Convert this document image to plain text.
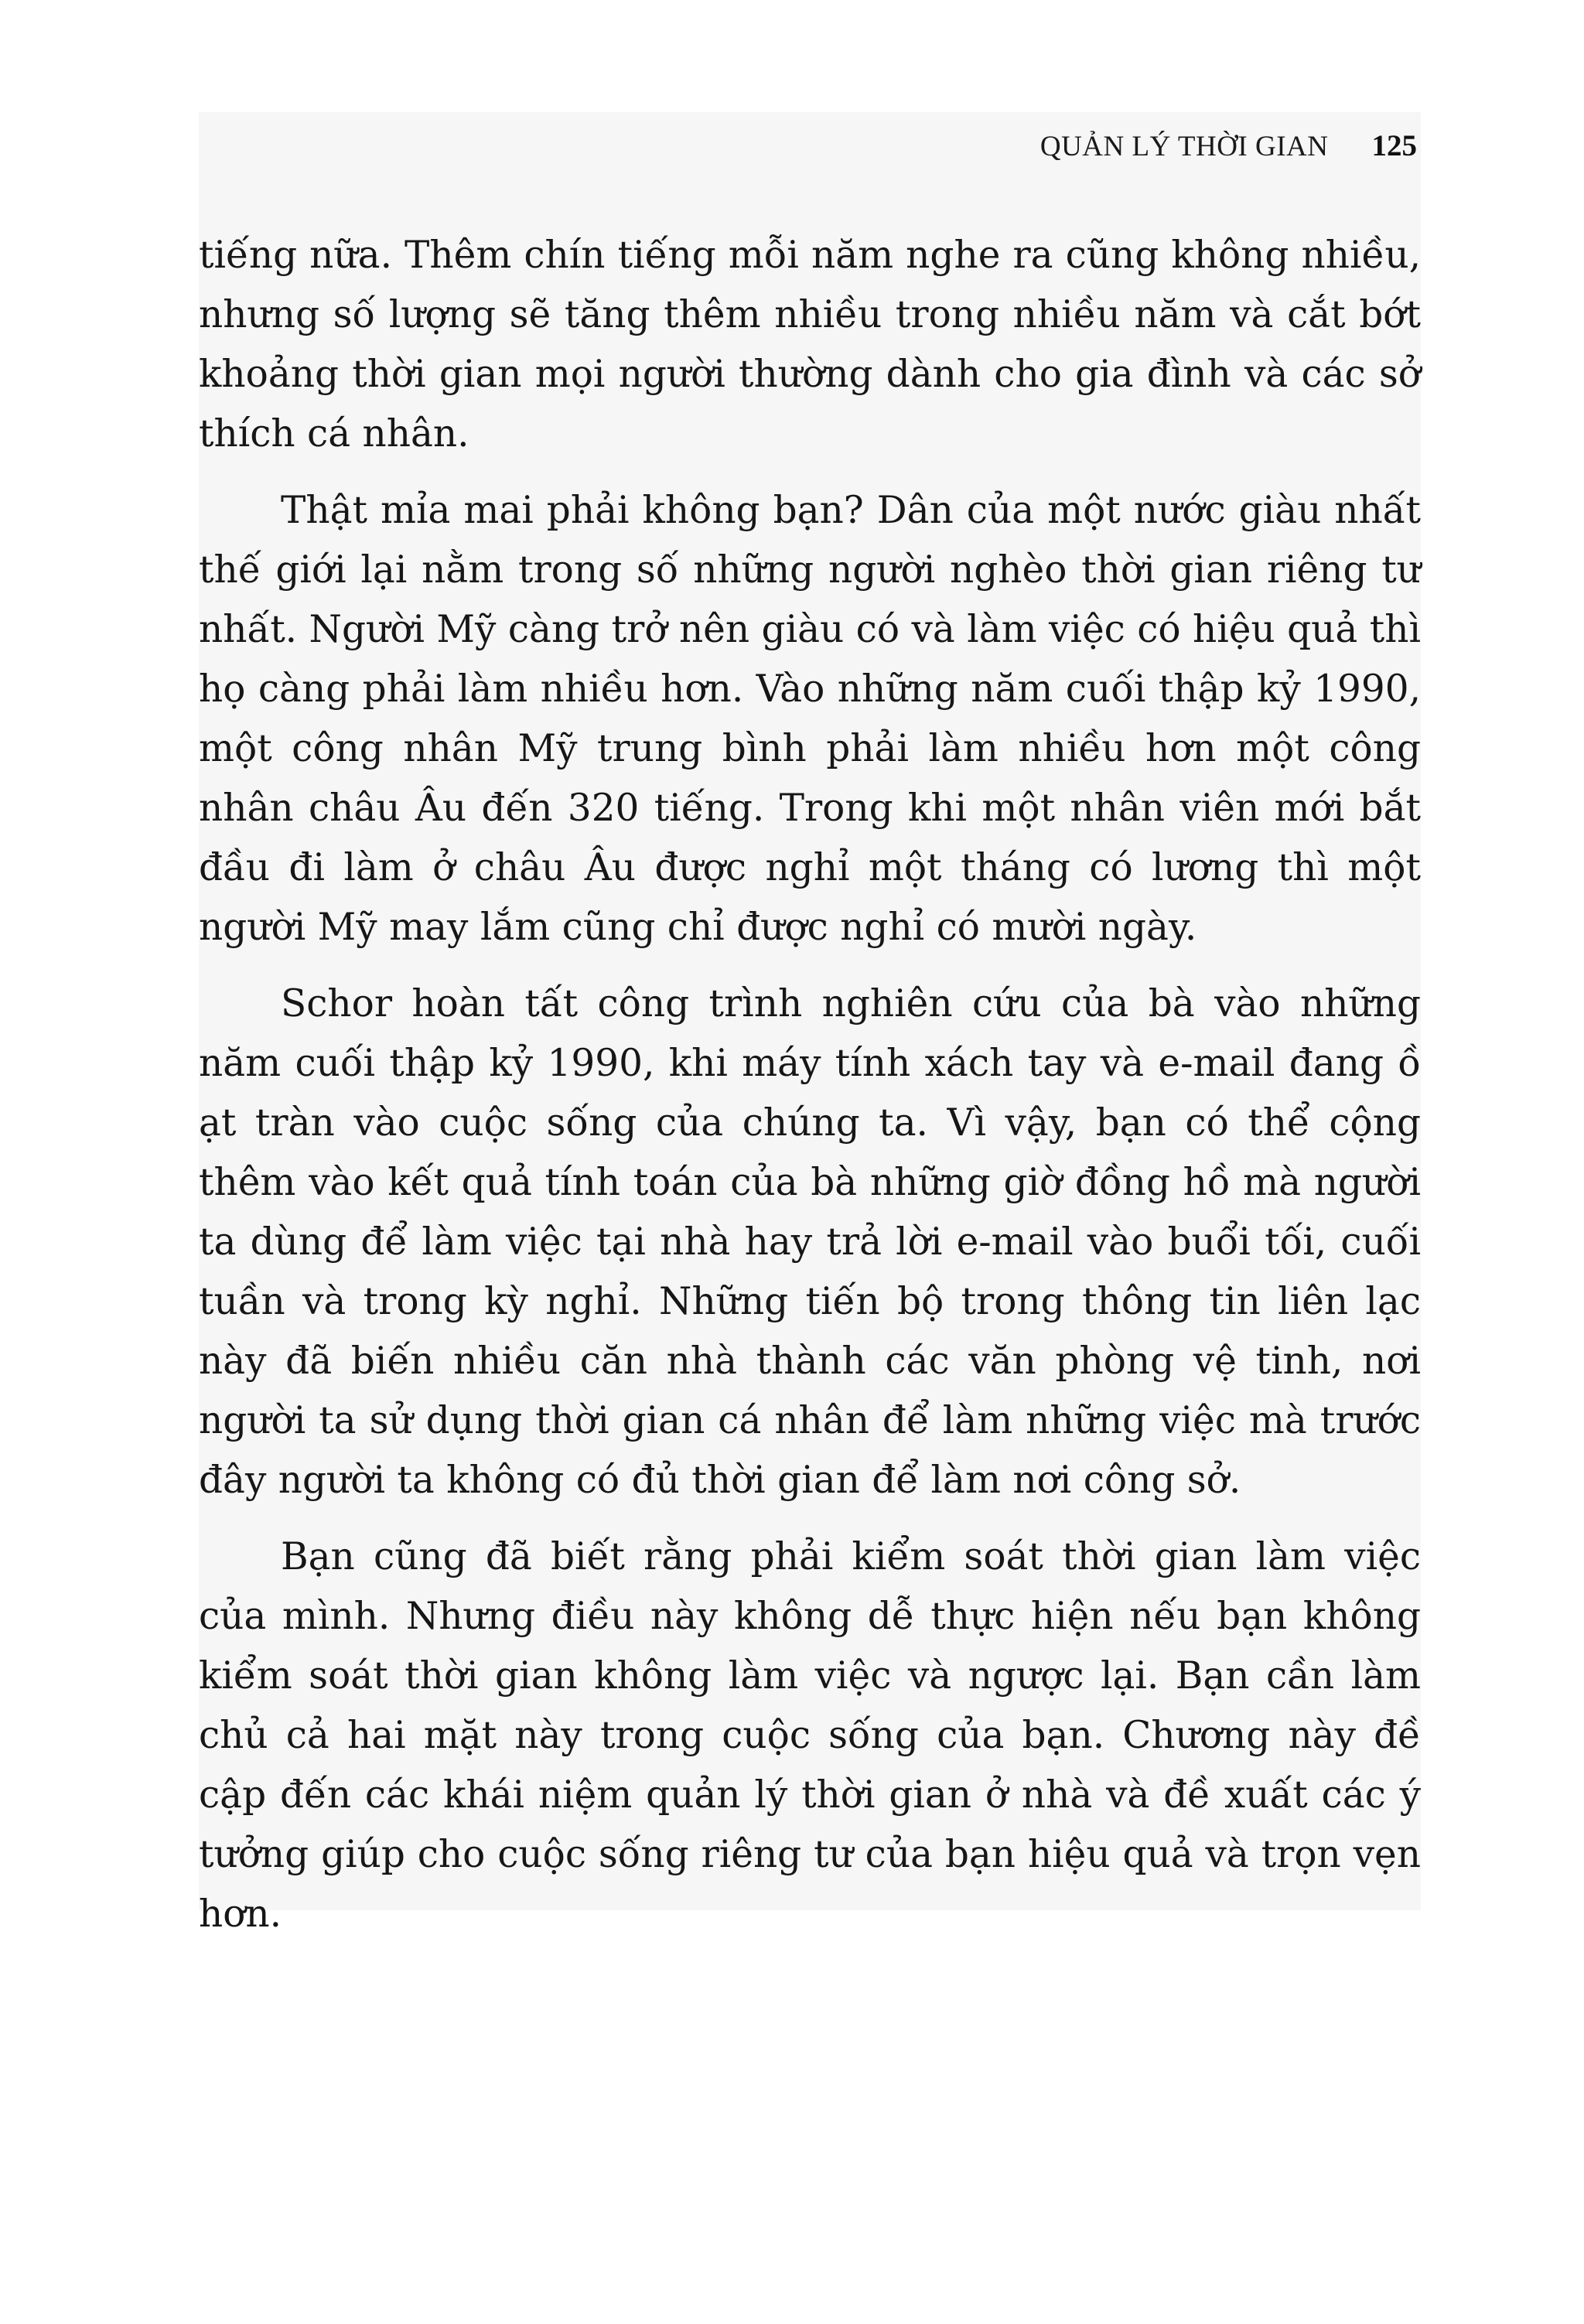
QUẢN LÝ THỜI GIAN 125

tiếng nữa. Thêm chín tiếng mỗi năm nghe ra cũng không nhiều, nhưng số lượng sẽ tăng thêm nhiều trong nhiều năm và cắt bớt khoảng thời gian mọi người thường dành cho gia đình và các sở thích cá nhân.

Thật mỉa mai phải không bạn? Dân của một nước giàu nhất thế giới lại nằm trong số những người nghèo thời gian riêng tư nhất. Người Mỹ càng trở nên giàu có và làm việc có hiệu quả thì họ càng phải làm nhiều hơn. Vào những năm cuối thập kỷ 1990, một công nhân Mỹ trung bình phải làm nhiều hơn một công nhân châu Âu đến 320 tiếng. Trong khi một nhân viên mới bắt đầu đi làm ở châu Âu được nghỉ một tháng có lương thì một người Mỹ may lắm cũng chỉ được nghỉ có mười ngày.

Schor hoàn tất công trình nghiên cứu của bà vào những năm cuối thập kỷ 1990, khi máy tính xách tay và e-mail đang ồ ạt tràn vào cuộc sống của chúng ta. Vì vậy, bạn có thể cộng thêm vào kết quả tính toán của bà những giờ đồng hồ mà người ta dùng để làm việc tại nhà hay trả lời e-mail vào buổi tối, cuối tuần và trong kỳ nghỉ. Những tiến bộ trong thông tin liên lạc này đã biến nhiều căn nhà thành các văn phòng vệ tinh, nơi người ta sử dụng thời gian cá nhân để làm những việc mà trước đây người ta không có đủ thời gian để làm nơi công sở.

Bạn cũng đã biết rằng phải kiểm soát thời gian làm việc của mình. Nhưng điều này không dễ thực hiện nếu bạn không kiểm soát thời gian không làm việc và ngược lại. Bạn cần làm chủ cả hai mặt này trong cuộc sống của bạn. Chương này đề cập đến các khái niệm quản lý thời gian ở nhà và đề xuất các ý tưởng giúp cho cuộc sống riêng tư của bạn hiệu quả và trọn vẹn hơn.
